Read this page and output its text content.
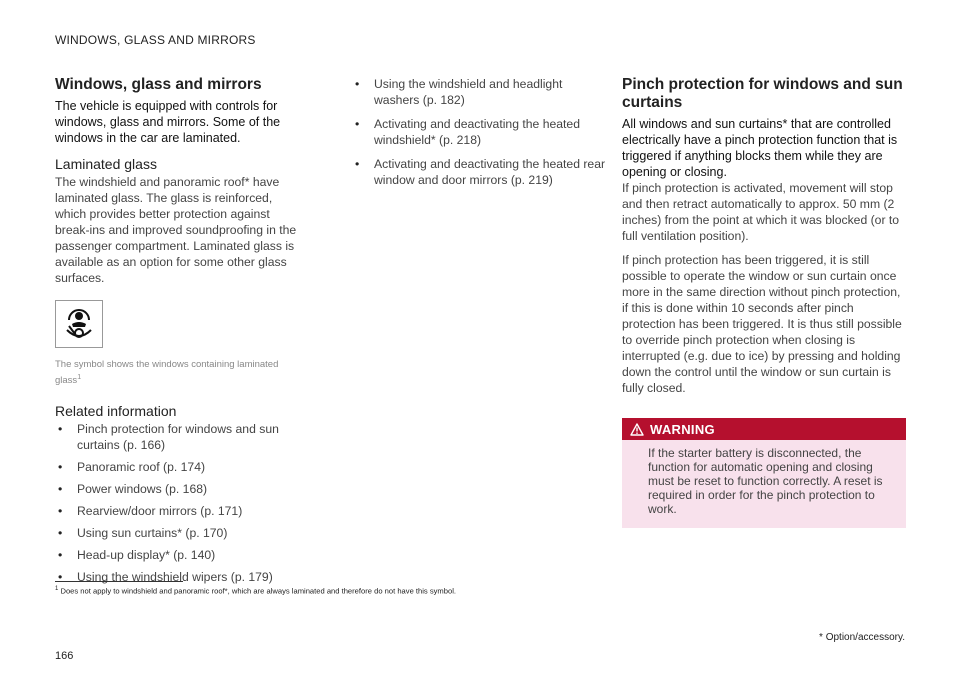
WINDOWS, GLASS AND MIRRORS
Windows, glass and mirrors

The vehicle is equipped with controls for windows, glass and mirrors. Some of the windows in the car are laminated.

Laminated glass

The windshield and panoramic roof* have laminated glass. The glass is reinforced, which provides better protection against break-ins and improved soundproofing in the passenger compartment. Laminated glass is available as an option for some other glass surfaces.

The symbol shows the windows containing laminated glass$^1$
Related information
• Pinch protection for windows and sun curtains (p. 166)
• Panoramic roof (p. 174)
• Power windows (p. 168)
• Rearview/door mirrors (p. 171)
• Using sun curtains* (p. 170)
• Head-up display* (p. 140)
• Using the windshield wipers (p. 179)
• Using the windshield and headlight washers (p. 182)
• Activating and deactivating the heated windshield* (p. 218)
• Activating and deactivating the heated rear window and door mirrors (p. 219)
Pinch protection for windows and sun curtains

All windows and sun curtains* that are controlled electrically have a pinch protection function that is triggered if anything blocks them while they are opening or closing.

If pinch protection is activated, movement will stop and then retract automatically to approx. 50 mm (2 inches) from the point at which it was blocked (or to full ventilation position).

If pinch protection has been triggered, it is still possible to operate the window or sun curtain once more in the same direction without pinch protection, if this is done within 10 seconds after pinch protection has been triggered. It is thus still possible to override pinch protection when closing is interrupted (e.g. due to ice) by pressing and holding down the control until the window or sun curtain is fully closed.

WARNING
If the starter battery is disconnected, the function for automatic opening and closing must be reset to function correctly. A reset is required in order for the pinch protection to work.
$^1$ Does not apply to windshield and panoramic roof*, which are always laminated and therefore do not have this symbol.
* Option/accessory.
166
